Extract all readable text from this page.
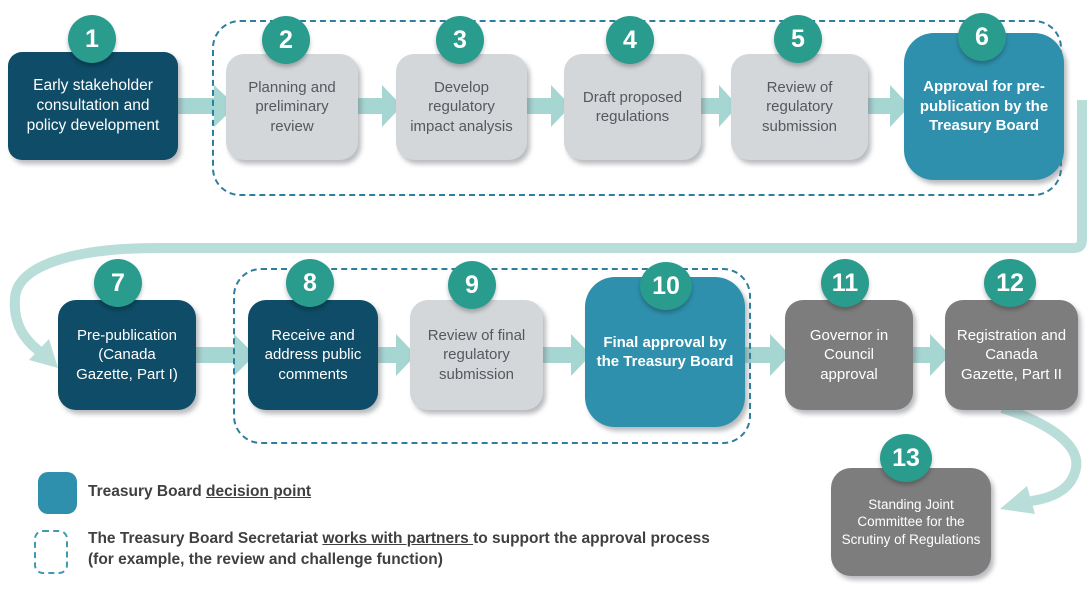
Early stakeholder consultation and policy development
Planning and preliminary review
Develop regulatory impact analysis
Draft proposed regulations
Review of regulatory submission
Approval for pre-publication by the Treasury Board
Pre-publication (Canada Gazette, Part I)
Receive and address public comments
Review of final regulatory submission
Final approval by the Treasury Board
Governor in Council approval
Registration and Canada Gazette, Part II
Standing Joint Committee for the Scrutiny of Regulations
1	2	3	4	5	6
7	8	9	10	11	12
13
Treasury Board decision point
The Treasury Board Secretariat works with partners to support the approval process
(for example, the review and challenge function)
